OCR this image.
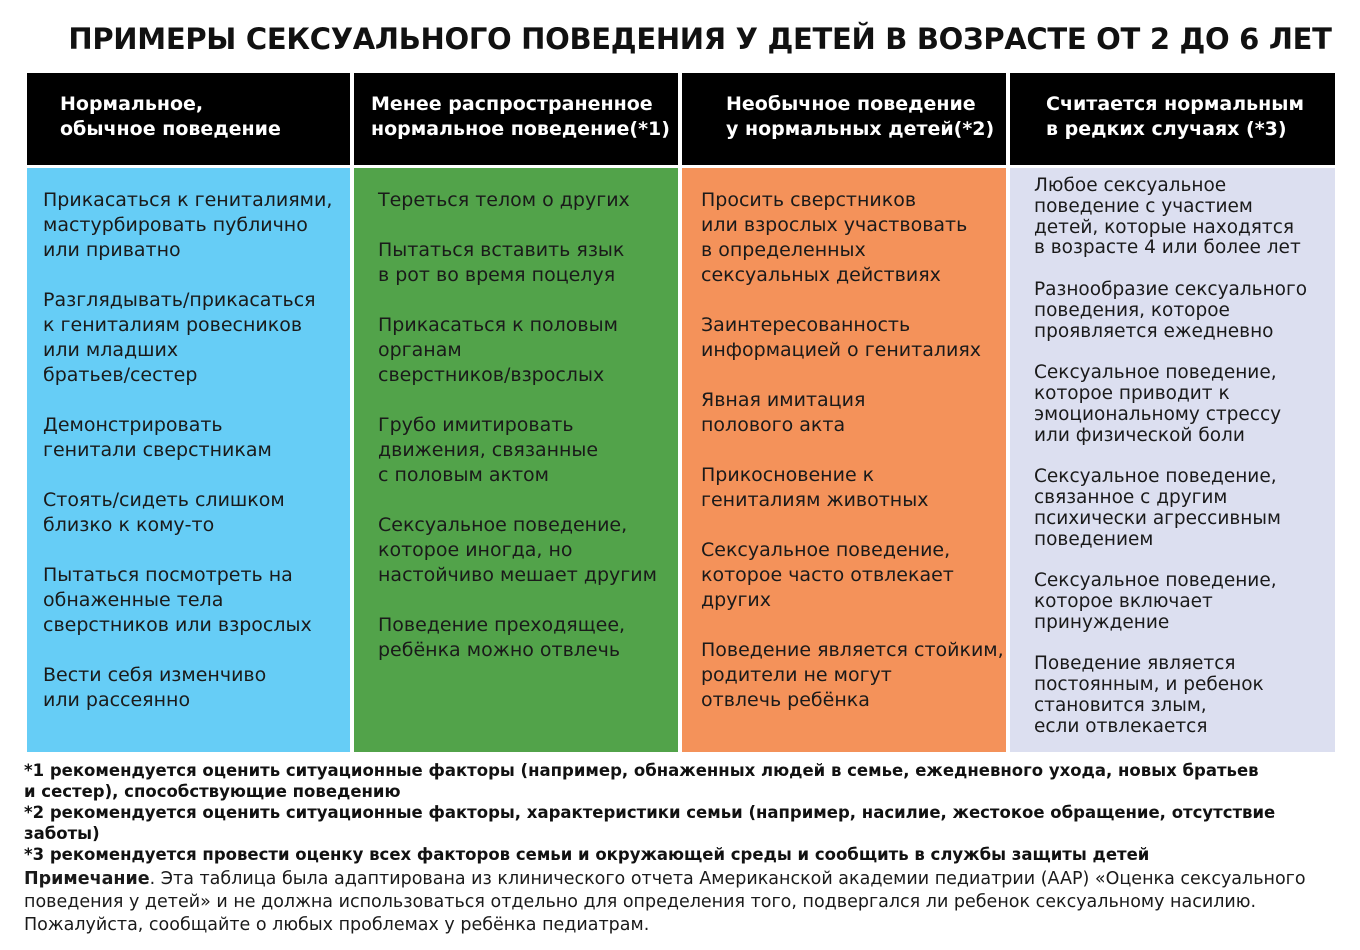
ПРИМЕРЫ СЕКСУАЛЬНОГО ПОВЕДЕНИЯ У ДЕТЕЙ В ВОЗРАСТЕ ОТ 2 ДО 6 ЛЕТ
Нормальное,
обычное поведение
Менее распространенное
нормальное поведение(*1)
Необычное поведение
у нормальных детей(*2)
Считается нормальным
в редких случаях (*3)
Прикасаться к гениталиями,
мастурбировать публично
или приватно
Разглядывать/прикасаться
к гениталиям ровесников
или младших
братьев/сестер
Демонстрировать
генитали сверстникам
Стоять/сидеть слишком
близко к кому-то
Пытаться посмотреть на
обнаженные тела
сверстников или взрослых
Вести себя изменчиво
или рассеянно
Тереться телом о других
Пытаться вставить язык
в рот во время поцелуя
Прикасаться к половым
органам
сверстников/взрослых
Грубо имитировать
движения, связанные
с половым актом
Сексуальное поведение,
которое иногда, но
настойчиво мешает другим
Поведение преходящее,
ребёнка можно отвлечь
Просить сверстников
или взрослых участвовать
в определенных
сексуальных действиях
Заинтересованность
информацией о гениталиях
Явная имитация
полового акта
Прикосновение к
гениталиям животных
Сексуальное поведение,
которое часто отвлекает
других
Поведение является стойким,
родители не могут
отвлечь ребёнка
Любое сексуальное
поведение с участием
детей, которые находятся
в возрасте 4 или более лет
Разнообразие сексуального
поведения, которое
проявляется ежедневно
Сексуальное поведение,
которое приводит к
эмоциональному стрессу
или физической боли
Сексуальное поведение,
связанное с другим
психически агрессивным
поведением
Сексуальное поведение,
которое включает
принуждение
Поведение является
постоянным, и ребенок
становится злым,
если отвлекается
*1 рекомендуется оценить ситуационные факторы (например, обнаженных людей в семье, ежедневного ухода, новых братьев
и сестер), способствующие поведению
*2 рекомендуется оценить ситуационные факторы, характеристики семьи (например, насилие, жестокое обращение, отсутствие заботы)
*3 рекомендуется провести оценку всех факторов семьи и окружающей среды и сообщить в службы защиты детей
Примечание. Эта таблица была адаптирована из клинического отчета Американской академии педиатрии (AAP) «Оценка сексуального
поведения у детей» и не должна использоваться отдельно для определения того, подвергался ли ребенок сексуальному насилию.
Пожалуйста, сообщайте о любых проблемах у ребёнка педиатрам.
